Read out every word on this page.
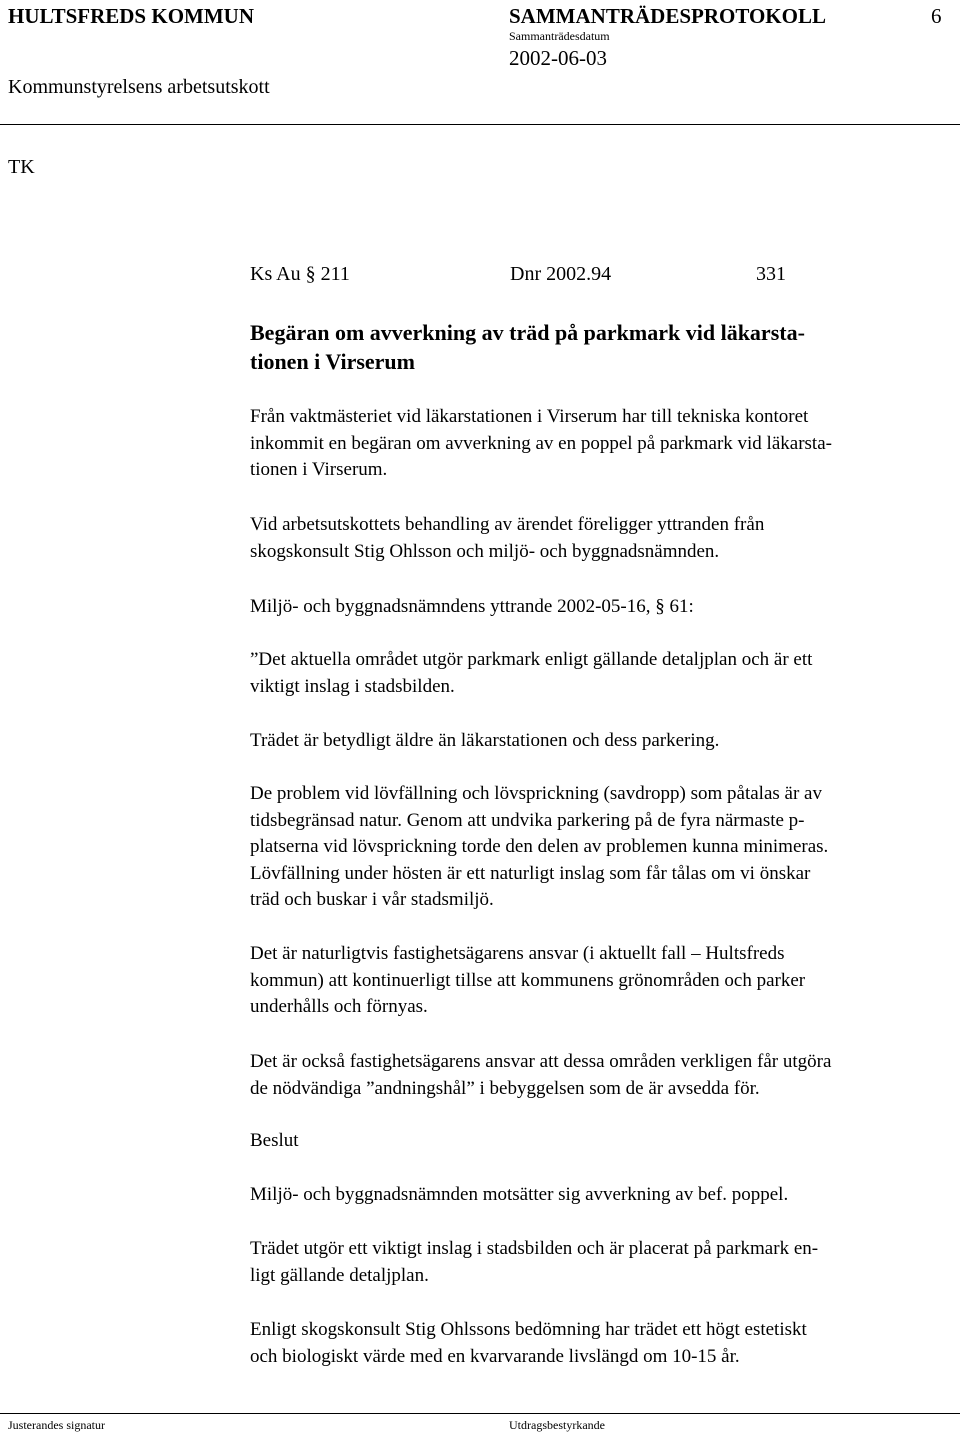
HULTSFREDS KOMMUN	SAMMANTRÄDESPROTOKOLL	6
Sammanträdesdatum
2002-06-03
Kommunstyrelsens arbetsutskott
TK
Ks Au § 211	Dnr 2002.94	331
Begäran om avverkning av träd på parkmark vid läkarsta-
tionen i Virserum
Från vaktmästeriet vid läkarstationen i Virserum har till tekniska kontoret
inkommit en begäran om avverkning av en poppel på parkmark vid läkarsta-
tionen i Virserum.
Vid arbetsutskottets behandling av ärendet föreligger yttranden från
skogskonsult Stig Ohlsson och miljö- och byggnadsnämnden.
Miljö- och byggnadsnämndens yttrande 2002-05-16, § 61:
”Det aktuella området utgör parkmark enligt gällande detaljplan och är ett
viktigt inslag i stadsbilden.
Trädet är betydligt äldre än läkarstationen och dess parkering.
De problem vid lövfällning och lövsprickning (savdropp) som påtalas är av
tidsbegränsad natur. Genom att undvika parkering på de fyra närmaste p-
platserna vid lövsprickning torde den delen av problemen kunna minimeras.
Lövfällning under hösten är ett naturligt inslag som får tålas om vi önskar
träd och buskar i vår stadsmiljö.
Det är naturligtvis fastighetsägarens ansvar (i aktuellt fall – Hultsfreds
kommun) att kontinuerligt tillse att kommunens grönområden och parker
underhålls och förnyas.
Det är också fastighetsägarens ansvar att dessa områden verkligen får utgöra
de nödvändiga ”andningshål” i bebyggelsen som de är avsedda för.
Beslut
Miljö- och byggnadsnämnden motsätter sig avverkning av bef. poppel.
Trädet utgör ett viktigt inslag i stadsbilden och är placerat på parkmark en-
ligt gällande detaljplan.
Enligt skogskonsult Stig Ohlssons bedömning har trädet ett högt estetiskt
och biologiskt värde med en kvarvarande livslängd om 10-15 år.
Justerandes signatur	Utdragsbestyrkande
